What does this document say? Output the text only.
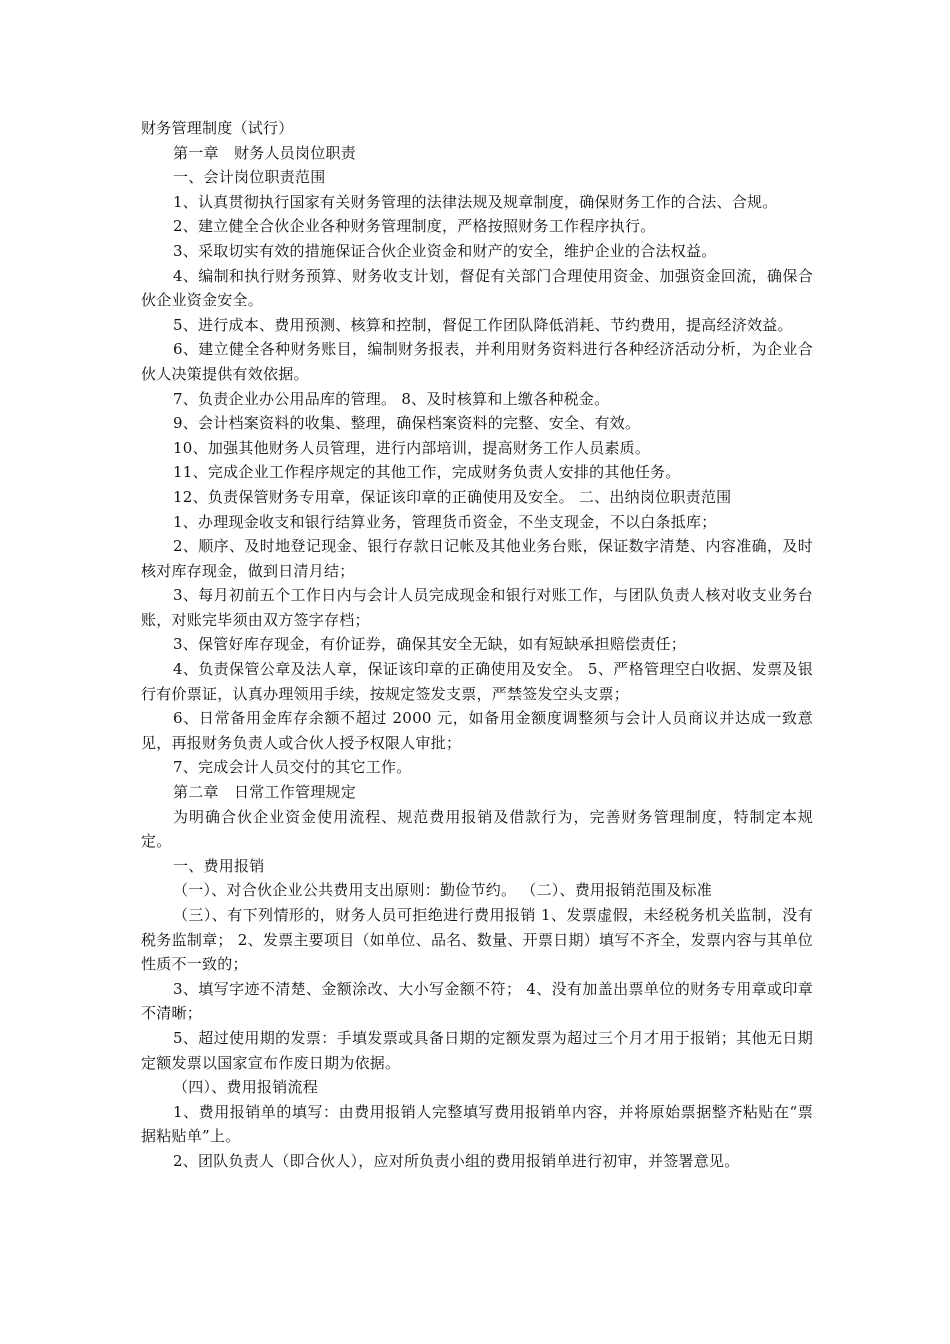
财务管理制度（试行）

第一章　财务人员岗位职责

一、会计岗位职责范围

1、认真贯彻执行国家有关财务管理的法律法规及规章制度，确保财务工作的合法、合规。

2、建立健全合伙企业各种财务管理制度，严格按照财务工作程序执行。

3、采取切实有效的措施保证合伙企业资金和财产的安全，维护企业的合法权益。

4、编制和执行财务预算、财务收支计划，督促有关部门合理使用资金、加强资金回流，确保合伙企业资金安全。

5、进行成本、费用预测、核算和控制，督促工作团队降低消耗、节约费用，提高经济效益。

6、建立健全各种财务账目，编制财务报表，并利用财务资料进行各种经济活动分析，为企业合伙人决策提供有效依据。

7、负责企业办公用品库的管理。 8、及时核算和上缴各种税金。

9、会计档案资料的收集、整理，确保档案资料的完整、安全、有效。

10、加强其他财务人员管理，进行内部培训，提高财务工作人员素质。

11、完成企业工作程序规定的其他工作，完成财务负责人安排的其他任务。

12、负责保管财务专用章，保证该印章的正确使用及安全。 二、出纳岗位职责范围

1、办理现金收支和银行结算业务，管理货币资金，不坐支现金，不以白条抵库；

2、顺序、及时地登记现金、银行存款日记帐及其他业务台账，保证数字清楚、内容准确，及时核对库存现金，做到日清月结；

3、每月初前五个工作日内与会计人员完成现金和银行对账工作，与团队负责人核对收支业务台账，对账完毕须由双方签字存档；

3、保管好库存现金，有价证券，确保其安全无缺，如有短缺承担赔偿责任；

4、负责保管公章及法人章，保证该印章的正确使用及安全。 5、严格管理空白收据、发票及银行有价票证，认真办理领用手续，按规定签发支票，严禁签发空头支票；

6、日常备用金库存余额不超过 2000 元，如备用金额度调整须与会计人员商议并达成一致意见，再报财务负责人或合伙人授予权限人审批；

7、完成会计人员交付的其它工作。

第二章　日常工作管理规定

为明确合伙企业资金使用流程、规范费用报销及借款行为，完善财务管理制度，特制定本规定。

一、费用报销

（一）、对合伙企业公共费用支出原则：勤俭节约。 （二）、费用报销范围及标准

（三）、有下列情形的，财务人员可拒绝进行费用报销 1、发票虚假，未经税务机关监制，没有税务监制章； 2、发票主要项目（如单位、品名、数量、开票日期）填写不齐全，发票内容与其单位性质不一致的；

3、填写字迹不清楚、金额涂改、大小写金额不符； 4、没有加盖出票单位的财务专用章或印章不清晰；

5、超过使用期的发票：手填发票或具备日期的定额发票为超过三个月才用于报销；其他无日期定额发票以国家宣布作废日期为依据。

（四）、费用报销流程

1、费用报销单的填写：由费用报销人完整填写费用报销单内容，并将原始票据整齐粘贴在“票据粘贴单”上。

2、团队负责人（即合伙人），应对所负责小组的费用报销单进行初审，并签署意见。
